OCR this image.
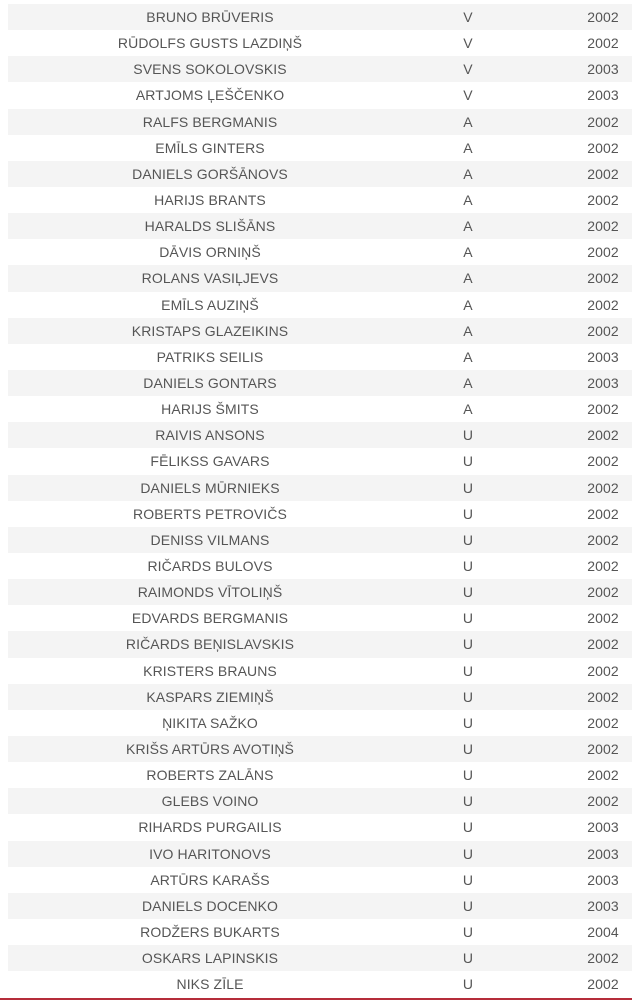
BRUNO BRŪVERIS	V	2002
RŪDOLFS GUSTS LAZDIŅŠ	V	2002
SVENS SOKOLOVSKIS	V	2003
ARTJOMS ĻEŠČENKO	V	2003
RALFS BERGMANIS	A	2002
EMĪLS GINTERS	A	2002
DANIELS GORŠĀNOVS	A	2002
HARIJS BRANTS	A	2002
HARALDS SLIŠĀNS	A	2002
DĀVIS ORNIŅŠ	A	2002
ROLANS VASIĻJEVS	A	2002
EMĪLS AUZIŅŠ	A	2002
KRISTAPS GLAZEIKINS	A	2002
PATRIKS SEILIS	A	2003
DANIELS GONTARS	A	2003
HARIJS ŠMITS	A	2002
RAIVIS ANSONS	U	2002
FĒLIKSS GAVARS	U	2002
DANIELS MŪRNIEKS	U	2002
ROBERTS PETROVIČS	U	2002
DENISS VILMANS	U	2002
RIČARDS BULOVS	U	2002
RAIMONDS VĪTOLIŅŠ	U	2002
EDVARDS BERGMANIS	U	2002
RIČARDS BEŅISLAVSKIS	U	2002
KRISTERS BRAUNS	U	2002
KASPARS ZIEMIŅŠ	U	2002
ŅIKITA SAŽKO	U	2002
KRIŠS ARTŪRS AVOTIŅŠ	U	2002
ROBERTS ZALĀNS	U	2002
GLEBS VOINO	U	2002
RIHARDS PURGAILIS	U	2003
IVO HARITONOVS	U	2003
ARTŪRS KARAŠS	U	2003
DANIELS DOCENKO	U	2003
RODŽERS BUKARTS	U	2004
OSKARS LAPINSKIS	U	2002
NIKS ZĪLE	U	2002
